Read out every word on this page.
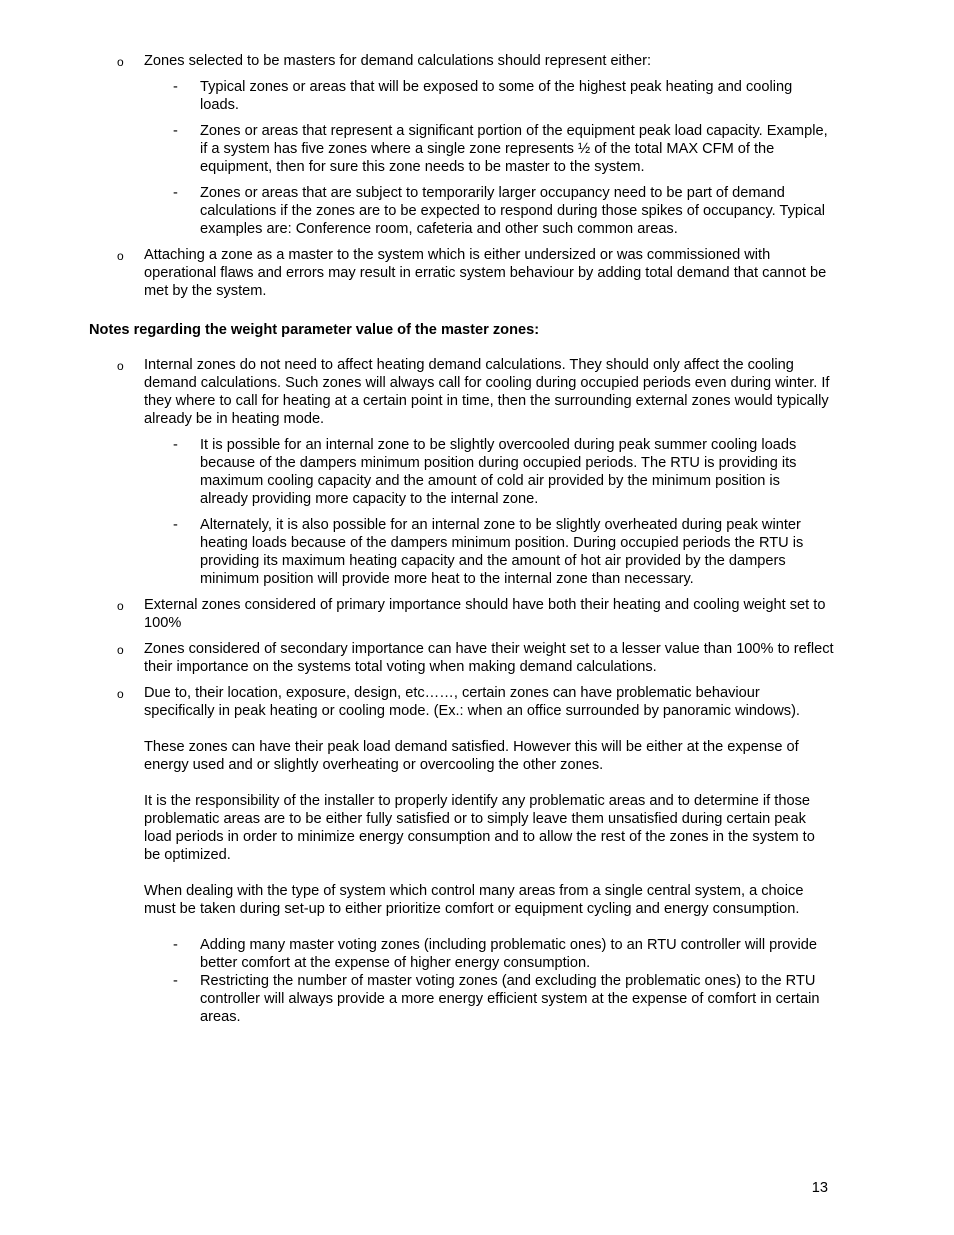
o Zones selected to be masters for demand calculations should represent either:

- Typical zones or areas that will be exposed to some of the highest peak heating and cooling loads.

- Zones or areas that represent a significant portion of the equipment peak load capacity. Example, if a system has five zones where a single zone represents ½ of the total MAX CFM of the equipment, then for sure this zone needs to be master to the system.

- Zones or areas that are subject to temporarily larger occupancy need to be part of demand calculations if the zones are to be expected to respond during those spikes of occupancy. Typical examples are: Conference room, cafeteria and other such common areas.

o Attaching a zone as a master to the system which is either undersized or was commissioned with operational flaws and errors may result in erratic system behaviour by adding total demand that cannot be met by the system.

Notes regarding the weight parameter value of the master zones:
o Internal zones do not need to affect heating demand calculations. They should only affect the cooling demand calculations. Such zones will always call for cooling during occupied periods even during winter. If they where to call for heating at a certain point in time, then the surrounding external zones would typically already be in heating mode.

- It is possible for an internal zone to be slightly overcooled during peak summer cooling loads because of the dampers minimum position during occupied periods. The RTU is providing its maximum cooling capacity and the amount of cold air provided by the minimum position is already providing more capacity to the internal zone.

- Alternately, it is also possible for an internal zone to be slightly overheated during peak winter heating loads because of the dampers minimum position. During occupied periods the RTU is providing its maximum heating capacity and the amount of hot air provided by the dampers minimum position will provide more heat to the internal zone than necessary.

o External zones considered of primary importance should have both their heating and cooling weight set to 100%

o Zones considered of secondary importance can have their weight set to a lesser value than 100% to reflect their importance on the systems total voting when making demand calculations.

o Due to, their location, exposure, design, etc……, certain zones can have problematic behaviour specifically in peak heating or cooling mode. (Ex.: when an office surrounded by panoramic windows).

These zones can have their peak load demand satisfied. However this will be either at the expense of energy used and or slightly overheating or overcooling the other zones.

It is the responsibility of the installer to properly identify any problematic areas and to determine if those problematic areas are to be either fully satisfied or to simply leave them unsatisfied during certain peak load periods in order to minimize energy consumption and to allow the rest of the zones in the system to be optimized.

When dealing with the type of system which control many areas from a single central system, a choice must be taken during set-up to either prioritize comfort or equipment cycling and energy consumption.

- Adding many master voting zones (including problematic ones) to an RTU controller will provide better comfort at the expense of higher energy consumption.

- Restricting the number of master voting zones (and excluding the problematic ones) to the RTU controller will always provide a more energy efficient system at the expense of comfort in certain areas.

13
